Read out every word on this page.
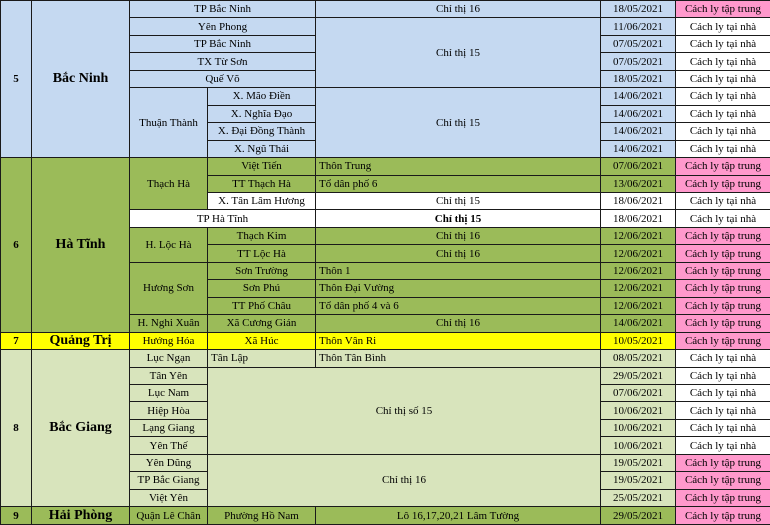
5	Bắc Ninh	TP Bắc Ninh		Chỉ thị 16	18/05/2021	Cách ly tập trung
		Yên Phong		Chỉ thị 15	11/06/2021	Cách ly tại nhà
		TP Bắc Ninh			07/05/2021	Cách ly tại nhà
		TX Từ Sơn			07/05/2021	Cách ly tại nhà
		Quế Võ			18/05/2021	Cách ly tại nhà
		Thuận Thành	X. Mão Điền	Chỉ thị 15	14/06/2021	Cách ly tại nhà
			X. Nghĩa Đạo		14/06/2021	Cách ly tại nhà
			X. Đại Đồng Thành		14/06/2021	Cách ly tại nhà
			X. Ngũ Thái		14/06/2021	Cách ly tại nhà
6	Hà Tĩnh	Thạch Hà	Việt Tiến	Thôn Trung	07/06/2021	Cách ly tập trung
			TT Thạch Hà	Tổ dân phố 6	13/06/2021	Cách ly tập trung
			X. Tân Lâm Hương	Chỉ thị 15	18/06/2021	Cách ly tại nhà
		TP Hà Tĩnh		Chỉ thị 15	18/06/2021	Cách ly tại nhà
		H. Lộc Hà	Thạch Kim	Chỉ thị 16	12/06/2021	Cách ly tập trung
			TT Lộc Hà	Chỉ thị 16	12/06/2021	Cách ly tập trung
		Hương Sơn	Sơn Trường	Thôn 1	12/06/2021	Cách ly tập trung
			Sơn Phú	Thôn Đại Vường	12/06/2021	Cách ly tập trung
			TT Phố Châu	Tổ dân phố 4 và 6	12/06/2021	Cách ly tập trung
		H. Nghi Xuân	Xã Cương Gián	Chỉ thị 16	14/06/2021	Cách ly tập trung
7	Quảng Trị	Hướng Hóa	Xã Húc	Thôn Vân Ri	10/05/2021	Cách ly tập trung
8	Bắc Giang	Lục Ngạn	Tân Lập	Thôn Tân Bình	08/05/2021	Cách ly tại nhà
		Tân Yên	Chỉ thị số 15		29/05/2021	Cách ly tại nhà
		Lục Nam			07/06/2021	Cách ly tại nhà
		Hiệp Hòa			10/06/2021	Cách ly tại nhà
		Lạng Giang			10/06/2021	Cách ly tại nhà
		Yên Thế			10/06/2021	Cách ly tại nhà
		Yên Dũng	Chỉ thị 16		19/05/2021	Cách ly tập trung
		TP Bắc Giang			19/05/2021	Cách ly tập trung
		Việt Yên			25/05/2021	Cách ly tập trung
9	Hải Phòng	Quận Lê Chân	Phường Hồ Nam	Lô 16,17,20,21 Lâm Tường	29/05/2021	Cách ly tập trung
